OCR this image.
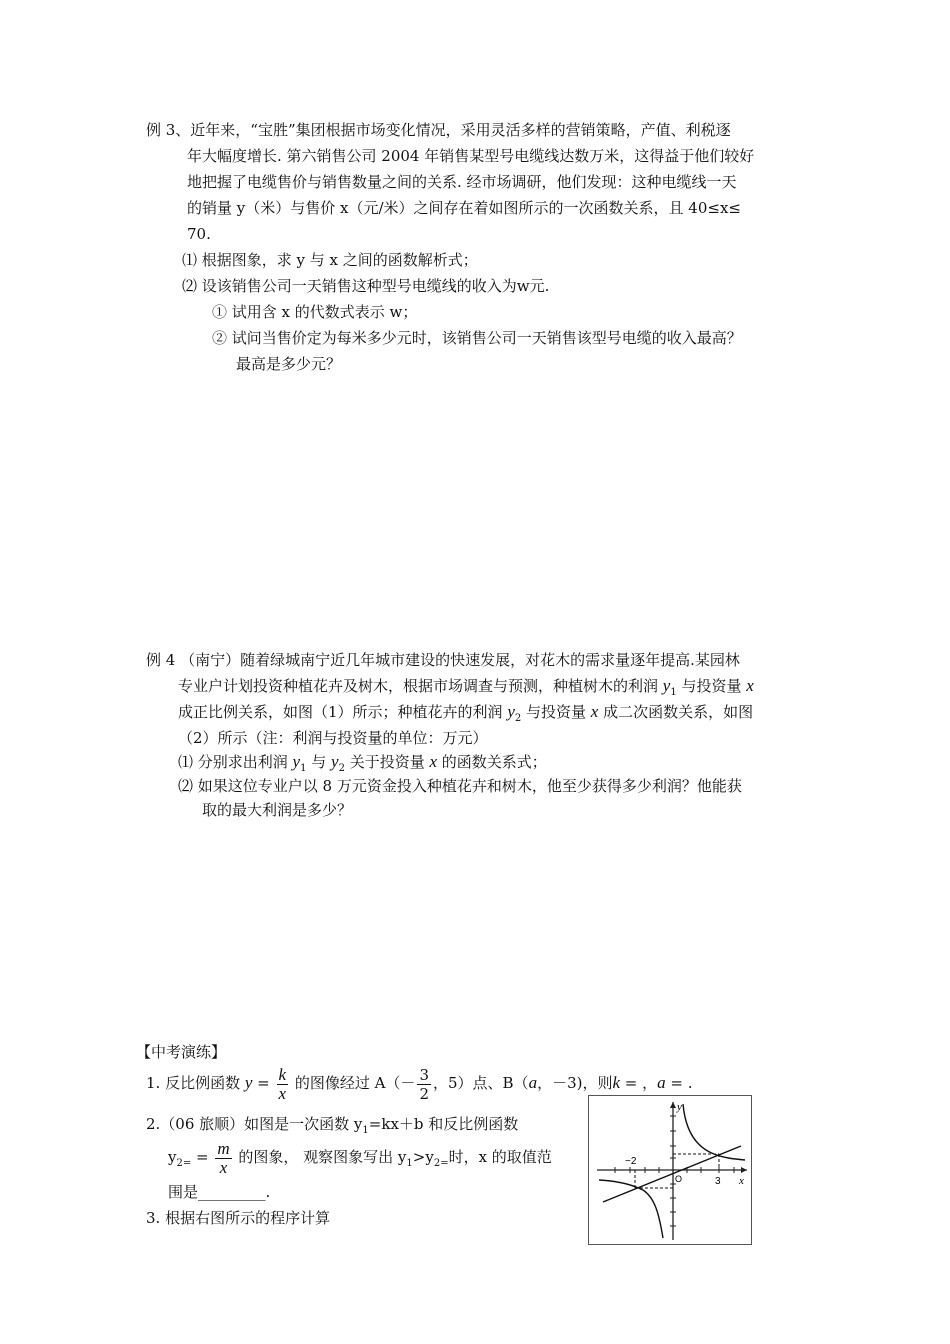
例 3、近年来，“宝胜”集团根据市场变化情况，采用灵活多样的营销策略，产值、利税逐
年大幅度增长. 第六销售公司 2004 年销售某型号电缆线达数万米，这得益于他们较好
地把握了电缆售价与销售数量之间的关系. 经市场调研，他们发现：这种电缆线一天
的销量 y（米）与售价 x（元/米）之间存在着如图所示的一次函数关系，且 40≤x≤
70.
⑴ 根据图象，求 y 与 x 之间的函数解析式；
⑵ 设该销售公司一天销售这种型号电缆线的收入为w元.
① 试用含 x 的代数式表示 w；
② 试问当售价定为每米多少元时，该销售公司一天销售该型号电缆的收入最高？
最高是多少元？
例 4 （南宁）随着绿城南宁近几年城市建设的快速发展，对花木的需求量逐年提高.某园林
专业户计划投资种植花卉及树木，根据市场调查与预测，种植树木的利润 $y_1$ 与投资量 x
成正比例关系，如图（1）所示；种植花卉的利润 $y_2$ 与投资量 x 成二次函数关系，如图
（2）所示（注：利润与投资量的单位：万元）
⑴ 分别求出利润 $y_1$ 与 $y_2$ 关于投资量 x 的函数关系式；
⑵ 如果这位专业户以 8 万元资金投入种植花卉和树木，他至少获得多少利润？他能获
取的最大利润是多少？
【中考演练】
1. 反比例函数 $y = \frac{k}{x}$ 的图像经过 $A(- \frac{3}{2}$ ，5）点、B（a，－3)，则k = ，a = .
2.（06 旅顺）如图是一次函数 $y_1=kx+b$ 和反比例函数
$y_{2=} = \frac{m}{x}$ 的图象， 观察图象写出 $y_1>y_{2=}$时，x 的取值范
围是_________.
3. 根据右图所示的程序计算
y
x
−2
3
O
